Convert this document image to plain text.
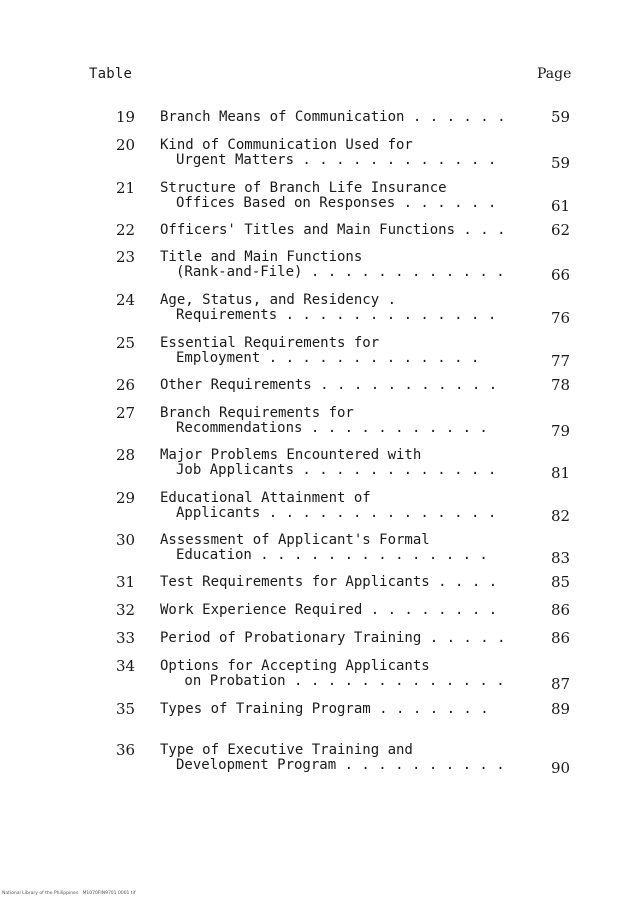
Table	Page
19 Branch Means of Communication . . . . . .	59
20 Kind of Communication Used for

Urgent Matters . . . . . . . . . . . .	59
21 Structure of Branch Life Insurance

Offices Based on Responses . . . . . .	61
22 Officers' Titles and Main Functions . . .	62
23 Title and Main Functions

(Rank-and-File) . . . . . . . . . . . .	66
24 Age, Status, and Residency .

Requirements . . . . . . . . . . . . .	76
25 Essential Requirements for

Employment . . . . . . . . . . . . .	77
26 Other Requirements . . . . . . . . . . .	78
27 Branch Requirements for

Recommendations . . . . . . . . . . .	79
28 Major Problems Encountered with

Job Applicants . . . . . . . . . . . .	81
29 Educational Attainment of

Applicants . . . . . . . . . . . . . .	82
30 Assessment of Applicant's Formal

Education . . . . . . . . . . . . . .	83
31 Test Requirements for Applicants . . . .	85
32 Work Experience Required . . . . . . . .	86
33 Period of Probationary Training . . . . .	86
34 Options for Accepting Applicants

on Probation . . . . . . . . . . . . .	87
35 Types of Training Program . . . . . . .	89
36 Type of Executive Training and

Development Program . . . . . . . . . .	90
National Library of the Philippines   M1070FIN9701 0001 tif
